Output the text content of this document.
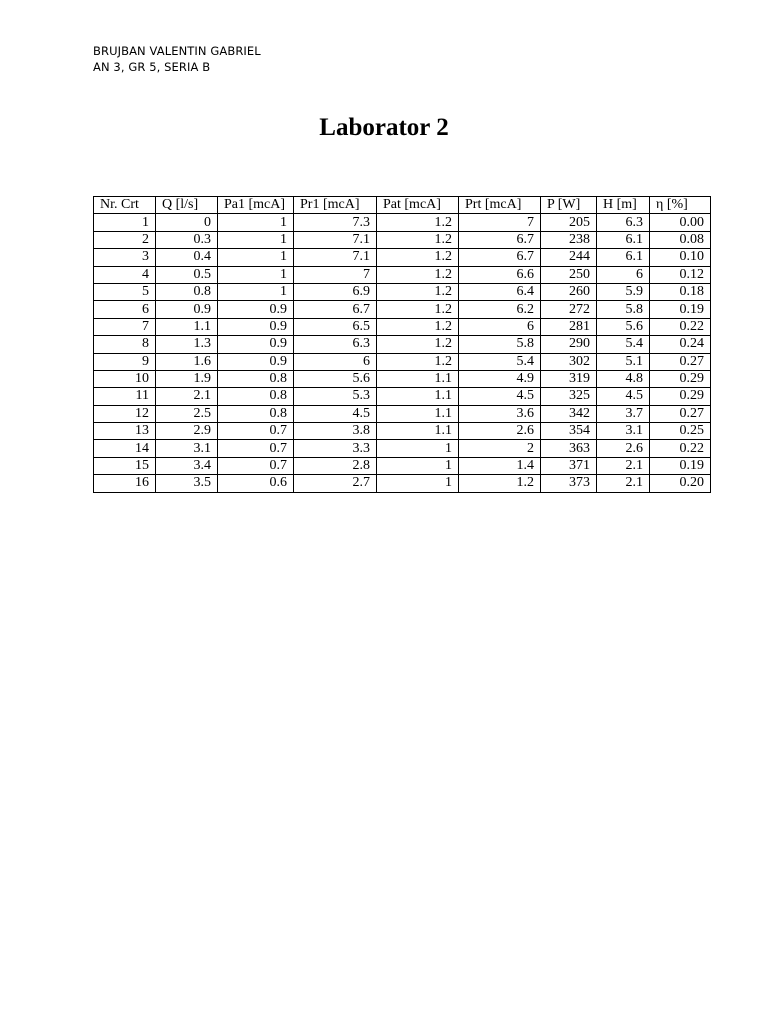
BRUJBAN VALENTIN GABRIEL
AN 3, GR 5, SERIA B
Laborator 2
Nr. Crt	Q [l/s]	Pa1 [mcA]	Pr1 [mcA]	Pat [mcA]	Prt [mcA]	P [W]	H [m]	η [%]
1	0	1	7.3	1.2	7	205	6.3	0.00
2	0.3	1	7.1	1.2	6.7	238	6.1	0.08
3	0.4	1	7.1	1.2	6.7	244	6.1	0.10
4	0.5	1	7	1.2	6.6	250	6	0.12
5	0.8	1	6.9	1.2	6.4	260	5.9	0.18
6	0.9	0.9	6.7	1.2	6.2	272	5.8	0.19
7	1.1	0.9	6.5	1.2	6	281	5.6	0.22
8	1.3	0.9	6.3	1.2	5.8	290	5.4	0.24
9	1.6	0.9	6	1.2	5.4	302	5.1	0.27
10	1.9	0.8	5.6	1.1	4.9	319	4.8	0.29
11	2.1	0.8	5.3	1.1	4.5	325	4.5	0.29
12	2.5	0.8	4.5	1.1	3.6	342	3.7	0.27
13	2.9	0.7	3.8	1.1	2.6	354	3.1	0.25
14	3.1	0.7	3.3	1	2	363	2.6	0.22
15	3.4	0.7	2.8	1	1.4	371	2.1	0.19
16	3.5	0.6	2.7	1	1.2	373	2.1	0.20
